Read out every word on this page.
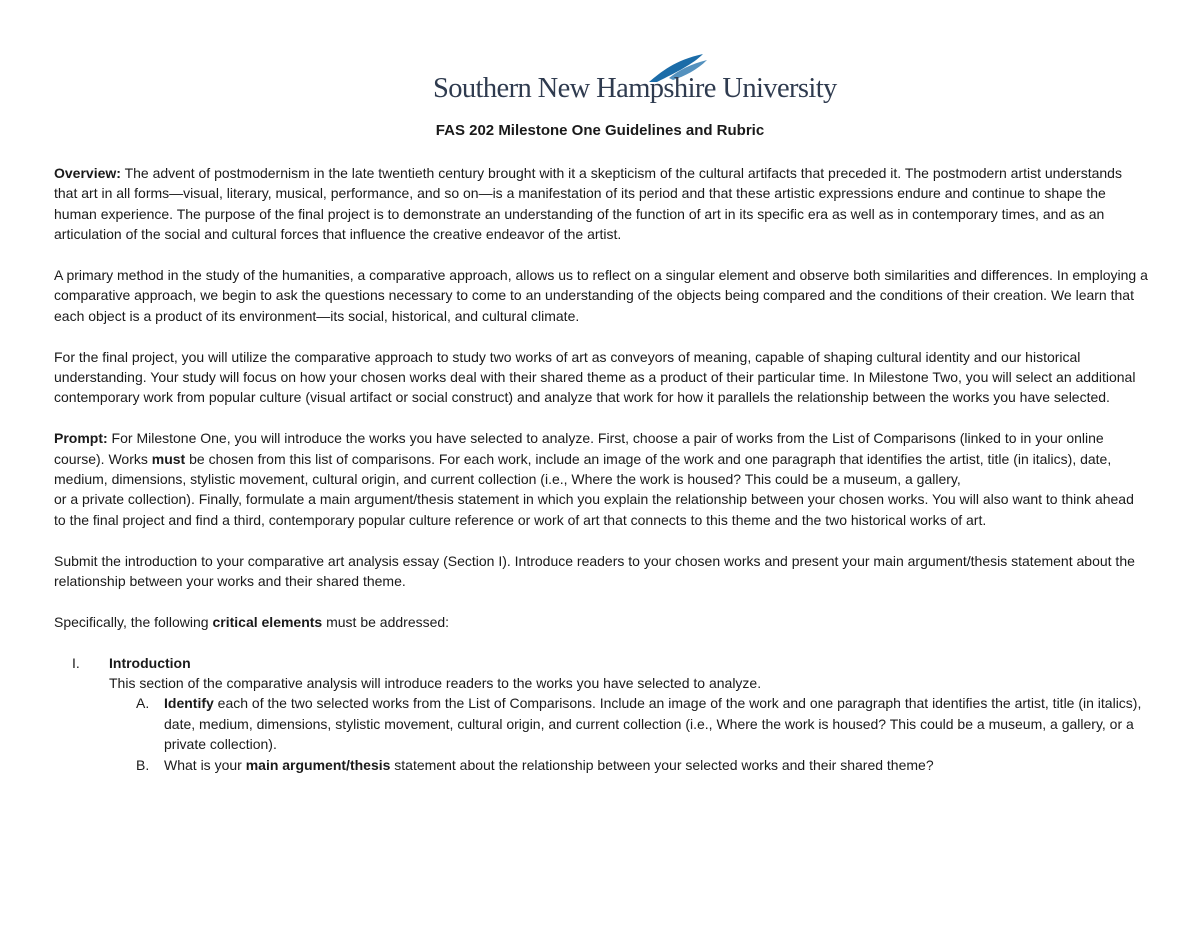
Southern New Hampshire University
FAS 202 Milestone One Guidelines and Rubric

Overview: The advent of postmodernism in the late twentieth century brought with it a skepticism of the cultural artifacts that preceded it. The postmodern artist understands that art in all forms—visual, literary, musical, performance, and so on—is a manifestation of its period and that these artistic expressions endure and continue to shape the human experience. The purpose of the final project is to demonstrate an understanding of the function of art in its specific era as well as in contemporary times, and as an articulation of the social and cultural forces that influence the creative endeavor of the artist.

A primary method in the study of the humanities, a comparative approach, allows us to reflect on a singular element and observe both similarities and differences. In employing a comparative approach, we begin to ask the questions necessary to come to an understanding of the objects being compared and the conditions of their creation. We learn that each object is a product of its environment—its social, historical, and cultural climate.

For the final project, you will utilize the comparative approach to study two works of art as conveyors of meaning, capable of shaping cultural identity and our historical understanding. Your study will focus on how your chosen works deal with their shared theme as a product of their particular time. In Milestone Two, you will select an additional contemporary work from popular culture (visual artifact or social construct) and analyze that work for how it parallels the relationship between the works you have selected.

Prompt: For Milestone One, you will introduce the works you have selected to analyze. First, choose a pair of works from the List of Comparisons (linked to in your online course). Works must be chosen from this list of comparisons. For each work, include an image of the work and one paragraph that identifies the artist, title (in italics), date,

medium, dimensions, stylistic movement, cultural origin, and current collection (i.e., Where the work is housed? This could be a museum, a gallery,

or a private collection). Finally, formulate a main argument/thesis statement in which you explain the relationship between your chosen works. You will also want to think ahead to the final project and find a third, contemporary popular culture reference or work of art that connects to this theme and the two historical works of art.

Submit the introduction to your comparative art analysis essay (Section I). Introduce readers to your chosen works and present your main argument/thesis statement about the relationship between your works and their shared theme.

Specifically, the following critical elements must be addressed:

I. Introduction
This section of the comparative analysis will introduce readers to the works you have selected to analyze.
A. Identify each of the two selected works from the List of Comparisons. Include an image of the work and one paragraph that identifies the artist, title (in italics), date, medium, dimensions, stylistic movement, cultural origin, and current collection (i.e., Where the work is housed? This could be a museum, a gallery, or a private collection).
B. What is your main argument/thesis statement about the relationship between your selected works and their shared theme?
